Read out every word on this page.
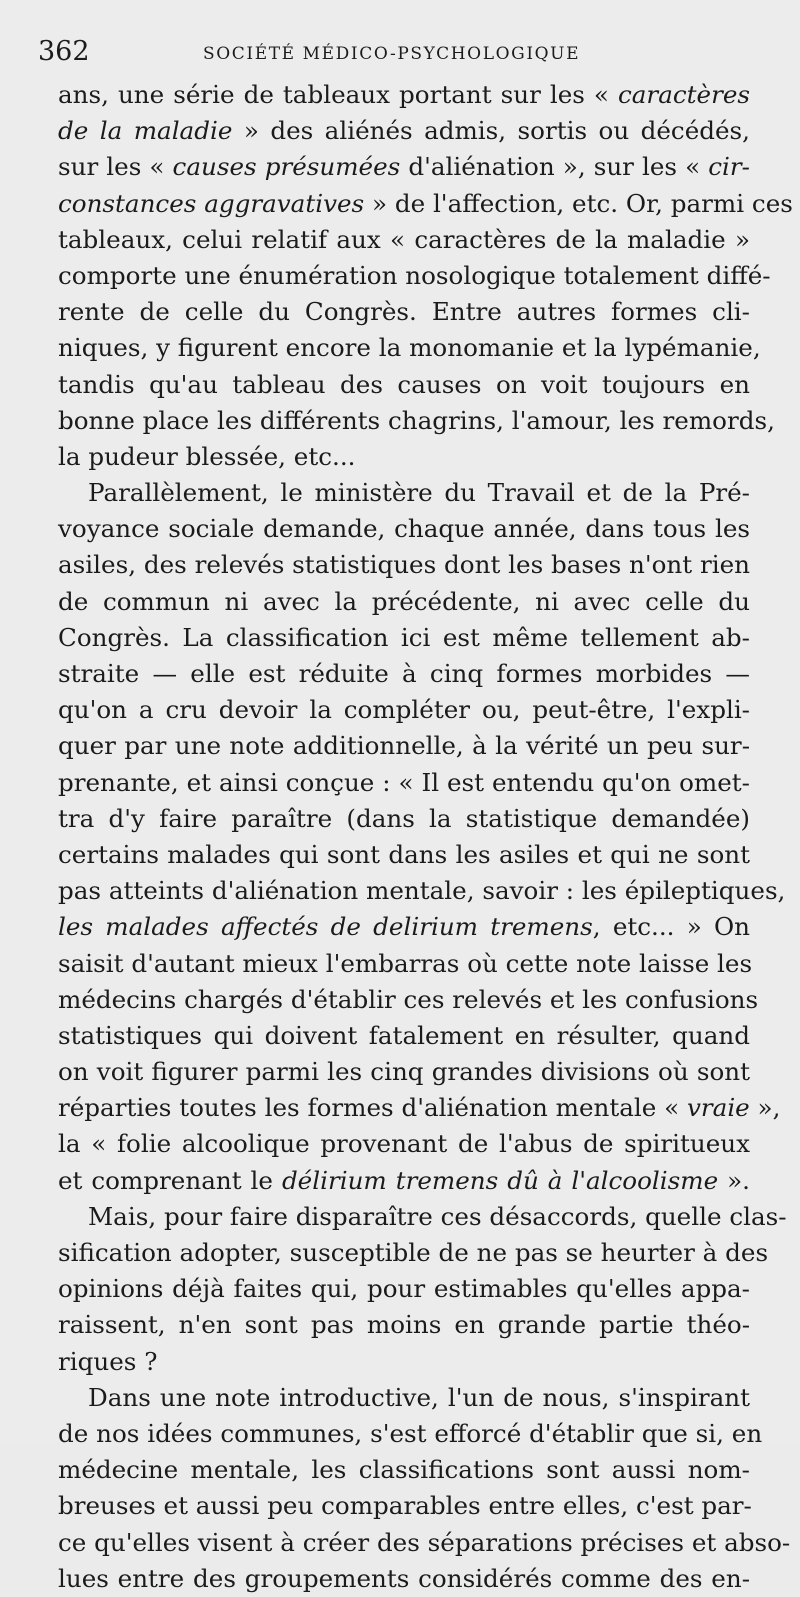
362	SOCIÉTÉ MÉDICO-PSYCHOLOGIQUE
ans, une série de tableaux portant sur les « caractères
de la maladie » des aliénés admis, sortis ou décédés,
sur les « causes présumées d'aliénation », sur les « cir-
constances aggravatives » de l'affection, etc. Or, parmi ces
tableaux, celui relatif aux « caractères de la maladie »
comporte une énumération nosologique totalement diffé-
rente de celle du Congrès. Entre autres formes cli-
niques, y figurent encore la monomanie et la lypémanie,
tandis qu'au tableau des causes on voit toujours en
bonne place les différents chagrins, l'amour, les remords,
la pudeur blessée, etc...
Parallèlement, le ministère du Travail et de la Pré-
voyance sociale demande, chaque année, dans tous les
asiles, des relevés statistiques dont les bases n'ont rien
de commun ni avec la précédente, ni avec celle du
Congrès. La classification ici est même tellement ab-
straite — elle est réduite à cinq formes morbides —
qu'on a cru devoir la compléter ou, peut-être, l'expli-
quer par une note additionnelle, à la vérité un peu sur-
prenante, et ainsi conçue : « Il est entendu qu'on omet-
tra d'y faire paraître (dans la statistique demandée)
certains malades qui sont dans les asiles et qui ne sont
pas atteints d'aliénation mentale, savoir : les épileptiques,
les malades affectés de delirium tremens, etc... » On
saisit d'autant mieux l'embarras où cette note laisse les
médecins chargés d'établir ces relevés et les confusions
statistiques qui doivent fatalement en résulter, quand
on voit figurer parmi les cinq grandes divisions où sont
réparties toutes les formes d'aliénation mentale « vraie »,
la « folie alcoolique provenant de l'abus de spiritueux
et comprenant le délirium tremens dû à l'alcoolisme ».
Mais, pour faire disparaître ces désaccords, quelle clas-
sification adopter, susceptible de ne pas se heurter à des
opinions déjà faites qui, pour estimables qu'elles appa-
raissent, n'en sont pas moins en grande partie théo-
riques ?
Dans une note introductive, l'un de nous, s'inspirant
de nos idées communes, s'est efforcé d'établir que si, en
médecine mentale, les classifications sont aussi nom-
breuses et aussi peu comparables entre elles, c'est par-
ce qu'elles visent à créer des séparations précises et abso-
lues entre des groupements considérés comme des en-
